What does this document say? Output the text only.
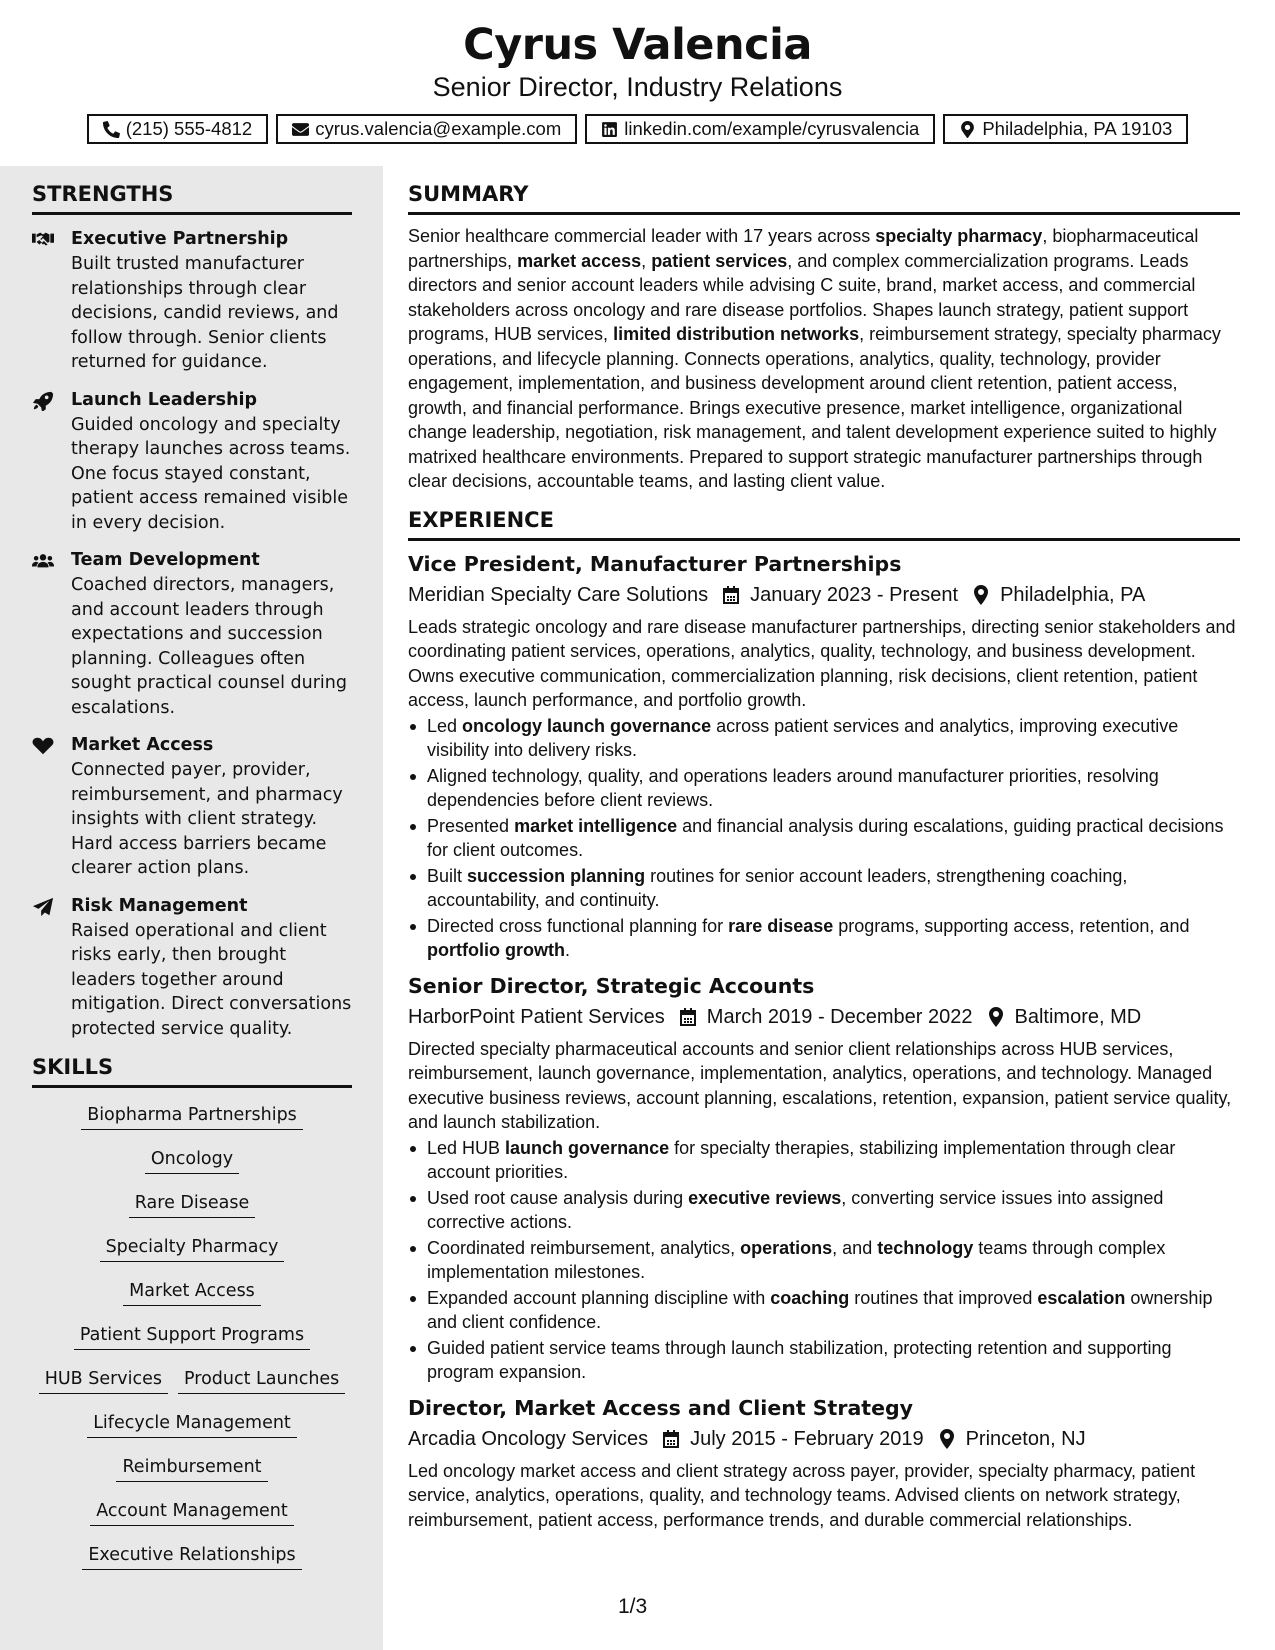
Cyrus Valencia
Senior Director, Industry Relations
(215) 555-4812	cyrus.valencia@example.com	linkedin.com/example/cyrusvalencia	Philadelphia, PA 19103
STRENGTHS
Executive Partnership
Built trusted manufacturer relationships through clear decisions, candid reviews, and follow through. Senior clients returned for guidance.
Launch Leadership
Guided oncology and specialty therapy launches across teams. One focus stayed constant, patient access remained visible in every decision.
Team Development
Coached directors, managers, and account leaders through expectations and succession planning. Colleagues often sought practical counsel during escalations.
Market Access
Connected payer, provider, reimbursement, and pharmacy insights with client strategy. Hard access barriers became clearer action plans.
Risk Management
Raised operational and client risks early, then brought leaders together around mitigation. Direct conversations protected service quality.
SKILLS
Biopharma PartnershipsOncology
Rare DiseaseSpecialty Pharmacy
Market Access
Patient Support Programs
HUB Services Product Launches
Lifecycle Management
Reimbursement
Account Management
Executive Relationships
SUMMARY

Senior healthcare commercial leader with 17 years across specialty pharmacy, biopharmaceutical partnerships, market access, patient services, and complex commercialization programs. Leads directors and senior account leaders while advising C suite, brand, market access, and commercial stakeholders across oncology and rare disease portfolios. Shapes launch strategy, patient support programs, HUB services, limited distribution networks, reimbursement strategy, specialty pharmacy operations, and lifecycle planning. Connects operations, analytics, quality, technology, provider engagement, implementation, and business development around client retention, patient access, growth, and financial performance. Brings executive presence, market intelligence, organizational change leadership, negotiation, risk management, and talent development experience suited to highly matrixed healthcare environments. Prepared to support strategic manufacturer partnerships through clear decisions, accountable teams, and lasting client value.

EXPERIENCE
Vice President, Manufacturer Partnerships
Meridian Specialty Care Solutions January 2023 - Present Philadelphia, PA
Leads strategic oncology and rare disease manufacturer partnerships, directing senior stakeholders and coordinating patient services, operations, analytics, quality, technology, and business development. Owns executive communication, commercialization planning, risk decisions, client retention, patient access, launch performance, and portfolio growth.
Led oncology launch governance across patient services and analytics, improving executive visibility into delivery risks.
Aligned technology, quality, and operations leaders around manufacturer priorities, resolving dependencies before client reviews.
Presented market intelligence and financial analysis during escalations, guiding practical decisions for client outcomes.
Built succession planning routines for senior account leaders, strengthening coaching, accountability, and continuity.
Directed cross functional planning for rare disease programs, supporting access, retention, and portfolio growth.
Senior Director, Strategic Accounts
HarborPoint Patient Services March 2019 - December 2022 Baltimore, MD
Directed specialty pharmaceutical accounts and senior client relationships across HUB services, reimbursement, launch governance, implementation, analytics, operations, and technology. Managed executive business reviews, account planning, escalations, retention, expansion, patient service quality, and launch stabilization.
Led HUB launch governance for specialty therapies, stabilizing implementation through clear account priorities.
Used root cause analysis during executive reviews, converting service issues into assigned corrective actions.
Coordinated reimbursement, analytics, operations, and technology teams through complex implementation milestones.
Expanded account planning discipline with coaching routines that improved escalation ownership and client confidence.
Guided patient service teams through launch stabilization, protecting retention and supporting program expansion.
Director, Market Access and Client Strategy
Arcadia Oncology Services July 2015 - February 2019 Princeton, NJ
Led oncology market access and client strategy across payer, provider, specialty pharmacy, patient service, analytics, operations, quality, and technology teams. Advised clients on network strategy, reimbursement, patient access, performance trends, and durable commercial relationships.
1/3
